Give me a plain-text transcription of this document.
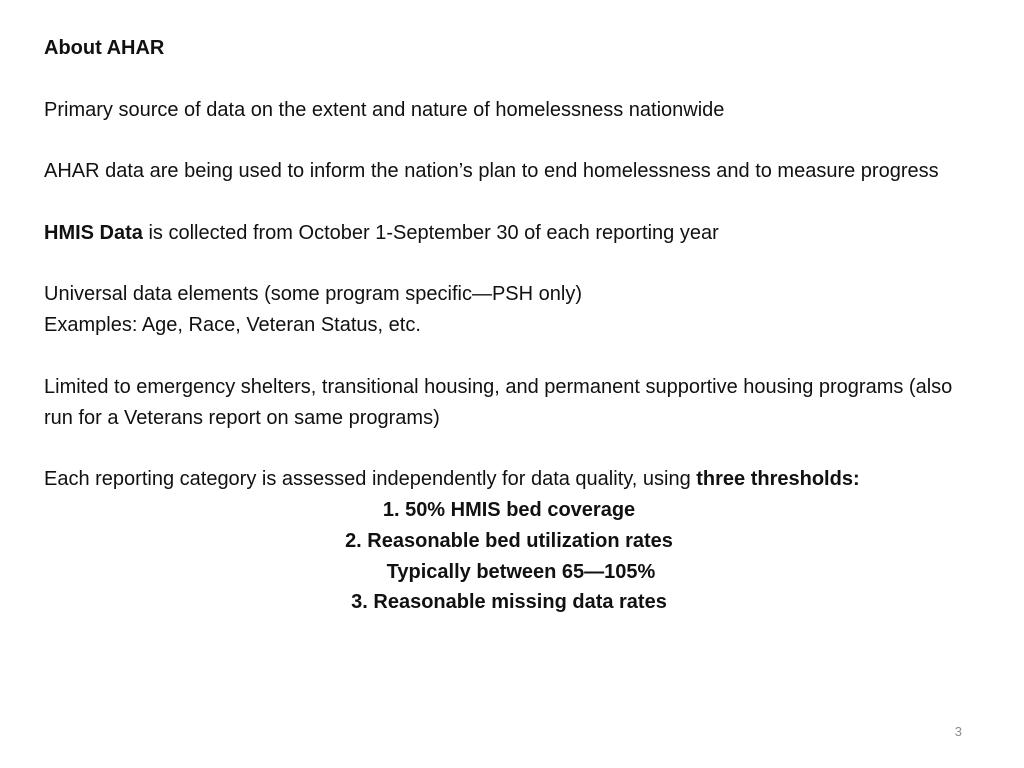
About AHAR

Primary source of data on the extent and nature of homelessness nationwide

AHAR data are being used to inform the nation’s plan to end homelessness and to measure progress

HMIS Data is collected from October 1-September 30 of each reporting year

Universal data elements (some program specific—PSH only)

Examples: Age, Race, Veteran Status, etc.

Limited to emergency shelters, transitional housing, and permanent supportive housing programs (also run for a Veterans report on same programs)

Each reporting category is assessed independently for data quality, using three thresholds:

1. 50% HMIS bed coverage

2. Reasonable bed utilization rates

Typically between 65—105%

3. Reasonable missing data rates

3
